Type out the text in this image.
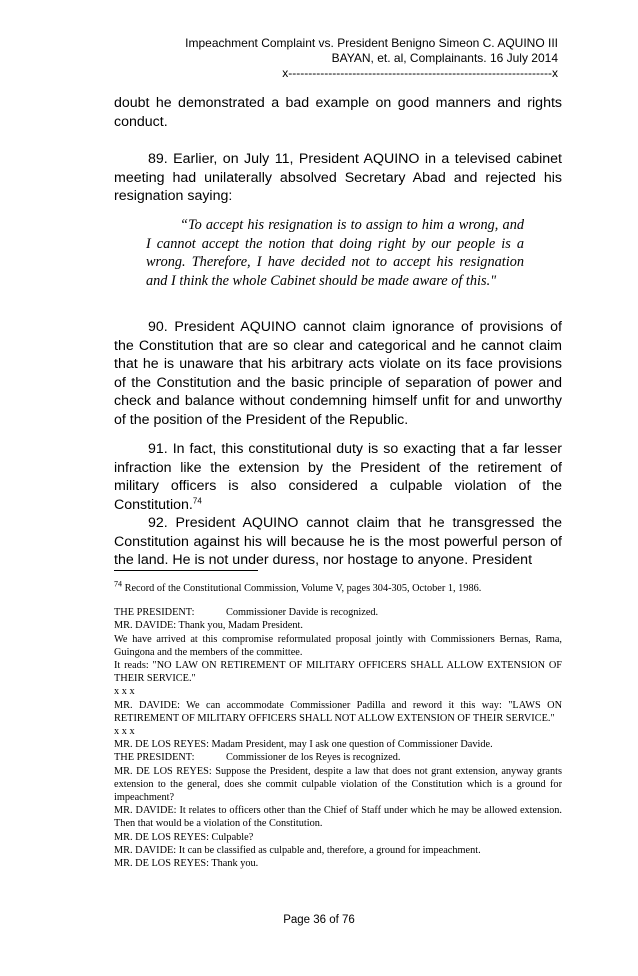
Impeachment Complaint vs. President Benigno Simeon C. AQUINO III
BAYAN, et. al, Complainants. 16 July 2014
x------------------------------------------------------------------x

doubt he demonstrated a bad example on good manners and rights conduct.

89. Earlier, on July 11, President AQUINO in a televised cabinet meeting had unilaterally absolved Secretary Abad and rejected his resignation saying:

“To accept his resignation is to assign to him a wrong, and I cannot accept the notion that doing right by our people is a wrong. Therefore, I have decided not to accept his resignation and I think the whole Cabinet should be made aware of this."

90. President AQUINO cannot claim ignorance of provisions of the Constitution that are so clear and categorical and he cannot claim that he is unaware that his arbitrary acts violate on its face provisions of the Constitution and the basic principle of separation of power and check and balance without condemning himself unfit for and unworthy of the position of the President of the Republic.

91. In fact, this constitutional duty is so exacting that a far lesser infraction like the extension by the President of the retirement of military officers is also considered a culpable violation of the Constitution.$^{74}$

92. President AQUINO cannot claim that he transgressed the Constitution against his will because he is the most powerful person of the land. He is not under duress, nor hostage to anyone. President

$^{74}$ Record of the Constitutional Commission, Volume V, pages 304-305, October 1, 1986.

THE PRESIDENT:	Commissioner Davide is recognized.

MR. DAVIDE: Thank you, Madam President.

We have arrived at this compromise reformulated proposal jointly with Commissioners Bernas, Rama, Guingona and the members of the committee.

It reads: "NO LAW ON RETIREMENT OF MILITARY OFFICERS SHALL ALLOW EXTENSION OF THEIR SERVICE."

x x x

MR. DAVIDE: We can accommodate Commissioner Padilla and reword it this way: "LAWS ON RETIREMENT OF MILITARY OFFICERS SHALL NOT ALLOW EXTENSION OF THEIR SERVICE."

x x x

MR. DE LOS REYES: Madam President, may I ask one question of Commissioner Davide.

THE PRESIDENT:	Commissioner de los Reyes is recognized.

MR. DE LOS REYES: Suppose the President, despite a law that does not grant extension, anyway grants extension to the general, does she commit culpable violation of the Constitution which is a ground for impeachment?

MR. DAVIDE: It relates to officers other than the Chief of Staff under which he may be allowed extension. Then that would be a violation of the Constitution.

MR. DE LOS REYES: Culpable?

MR. DAVIDE: It can be classified as culpable and, therefore, a ground for impeachment.

MR. DE LOS REYES: Thank you.

Page 36 of 76
